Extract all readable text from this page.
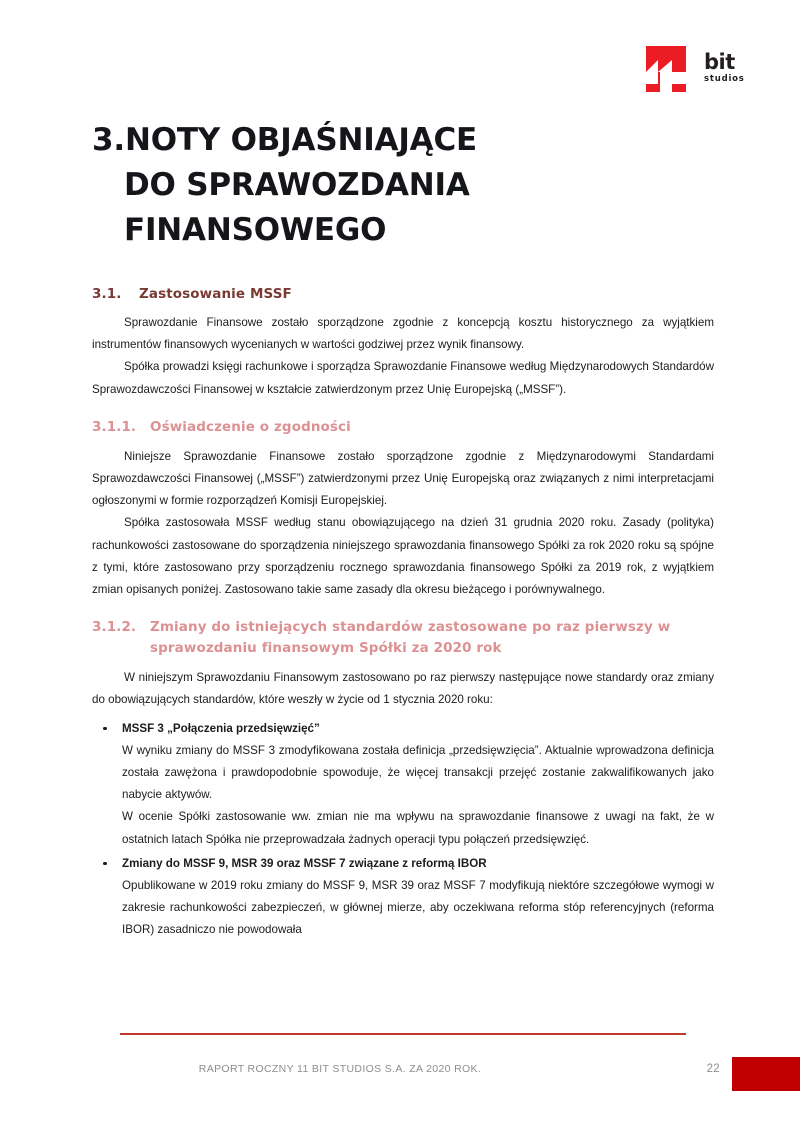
bit
studios
3.NOTY OBJAŚNIAJĄCE
DO SPRAWOZDANIA
FINANSOWEGO
3.1.	Zastosowanie MSSF

Sprawozdanie Finansowe zostało sporządzone zgodnie z koncepcją kosztu historycznego za wyjątkiem instrumentów finansowych wycenianych w wartości godziwej przez wynik finansowy.

Spółka prowadzi księgi rachunkowe i sporządza Sprawozdanie Finansowe według Międzynarodowych Standardów Sprawozdawczości Finansowej w kształcie zatwierdzonym przez Unię Europejską („MSSF”).

3.1.1.	Oświadczenie o zgodności

Niniejsze Sprawozdanie Finansowe zostało sporządzone zgodnie z Międzynarodowymi Standardami Sprawozdawczości Finansowej („MSSF”) zatwierdzonymi przez Unię Europejską oraz związanych z nimi interpretacjami ogłoszonymi w formie rozporządzeń Komisji Europejskiej.

Spółka zastosowała MSSF według stanu obowiązującego na dzień 31 grudnia 2020 roku. Zasady (polityka) rachunkowości zastosowane do sporządzenia niniejszego sprawozdania finansowego Spółki za rok 2020 roku są spójne z tymi, które zastosowano przy sporządzeniu rocznego sprawozdania finansowego Spółki za 2019 rok, z wyjątkiem zmian opisanych poniżej. Zastosowano takie same zasady dla okresu bieżącego i porównywalnego.

3.1.2.	Zmiany do istniejących standardów zastosowane po raz pierwszy w sprawozdaniu finansowym Spółki za 2020 rok

W niniejszym Sprawozdaniu Finansowym zastosowano po raz pierwszy następujące nowe standardy oraz zmiany do obowiązujących standardów, które weszły w życie od 1 stycznia 2020 roku:

MSSF 3 „Połączenia przedsięwzięć”

W wyniku zmiany do MSSF 3 zmodyfikowana została definicja „przedsięwzięcia”. Aktualnie wprowadzona definicja została zawężona i prawdopodobnie spowoduje, że więcej transakcji przejęć zostanie zakwalifikowanych jako nabycie aktywów.

W ocenie Spółki zastosowanie ww. zmian nie ma wpływu na sprawozdanie finansowe z uwagi na fakt, że w ostatnich latach Spółka nie przeprowadzała żadnych operacji typu połączeń przedsięwzięć.

Zmiany do MSSF 9, MSR 39 oraz MSSF 7 związane z reformą IBOR

Opublikowane w 2019 roku zmiany do MSSF 9, MSR 39 oraz MSSF 7 modyfikują niektóre szczegółowe wymogi w zakresie rachunkowości zabezpieczeń, w głównej mierze, aby oczekiwana reforma stóp referencyjnych (reforma IBOR) zasadniczo nie powodowała

RAPORT ROCZNY 11 BIT STUDIOS S.A. ZA 2020 ROK.	22
